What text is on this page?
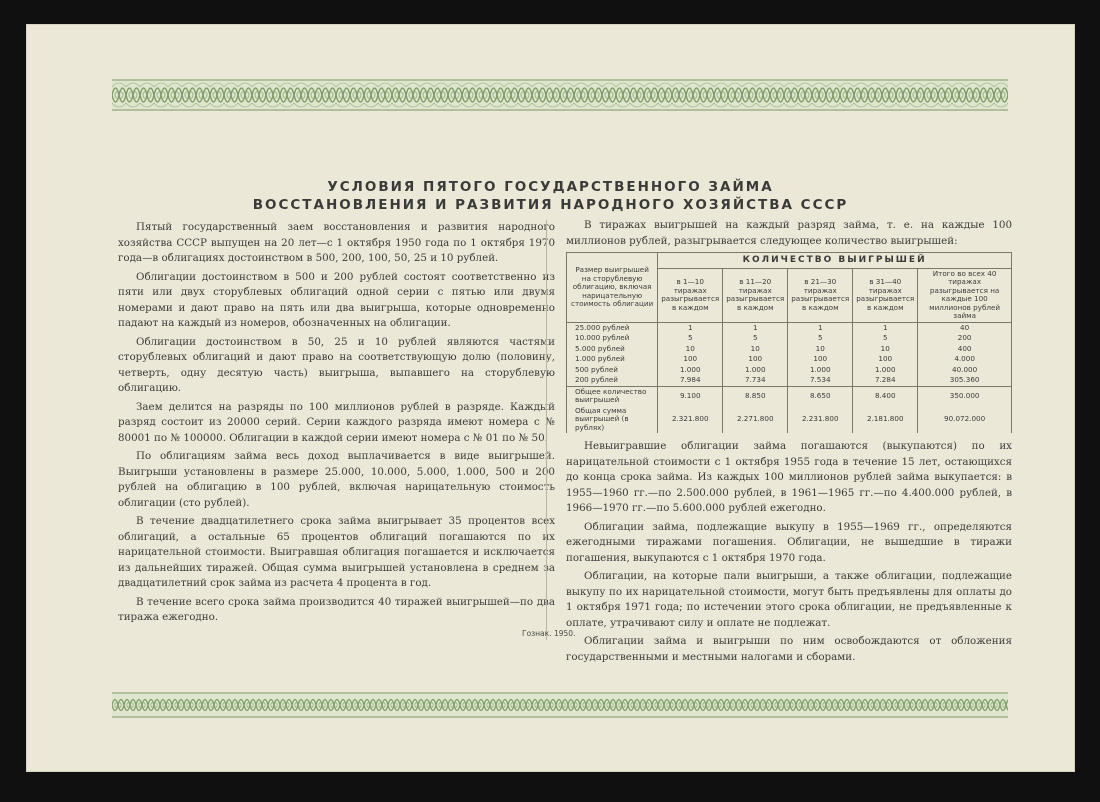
УСЛОВИЯ ПЯТОГО ГОСУДАРСТВЕННОГО ЗАЙМА
ВОССТАНОВЛЕНИЯ И РАЗВИТИЯ НАРОДНОГО ХОЗЯЙСТВА СССР

Пятый государственный заем восстановления и развития народного хозяйства СССР выпущен на 20 лет—с 1 октября 1950 года по 1 октября 1970 года—в облигациях достоинством в 500, 200, 100, 50, 25 и 10 рублей.

Облигации достоинством в 500 и 200 рублей состоят соответственно из пяти или двух сторублевых облигаций одной серии с пятью или двумя номерами и дают право на пять или два выигрыша, которые одновременно падают на каждый из номеров, обозначенных на облигации.

Облигации достоинством в 50, 25 и 10 рублей являются частями сторублевых облигаций и дают право на соответствующую долю (половину, четверть, одну десятую часть) выигрыша, выпавшего на сторублевую облигацию.

Заем делится на разряды по 100 миллионов рублей в разряде. Каждый разряд состоит из 20000 серий. Серии каждого разряда имеют номера с № 80001 по № 100000. Облигации в каждой серии имеют номера с № 01 по № 50.

По облигациям займа весь доход выплачивается в виде выигрышей. Выигрыши установлены в размере 25.000, 10.000, 5.000, 1.000, 500 и 200 рублей на облигацию в 100 рублей, включая нарицательную стоимость облигации (сто рублей).

В течение двадцатилетнего срока займа выигрывает 35 процентов всех облигаций, а остальные 65 процентов облигаций погашаются по их нарицательной стоимости. Выигравшая облигация погашается и исключается из дальнейших тиражей. Общая сумма выигрышей установлена в среднем за двадцатилетний срок займа из расчета 4 процента в год.

В течение всего срока займа производится 40 тиражей выигрышей—по два тиража ежегодно.

В тиражах выигрышей на каждый разряд займа, т. е. на каждые 100 миллионов рублей, разыгрывается следующее количество выигрышей:

Размер выигрышей на сторублевую облигацию, включая нарицательную стоимость облигации	КОЛИЧЕСТВО ВЫИГРЫШЕЙ				
	в 1—10 тиражах разыгрывается в каждом	в 11—20 тиражах разыгрывается в каждом	в 21—30 тиражах разыгрывается в каждом	в 31—40 тиражах разыгрывается в каждом	Итого во всех 40 тиражах разыгрывается на каждые 100 миллионов рублей займа
25.000 рублей	1	1	1	1	40
10.000 рублей	5	5	5	5	200
5.000 рублей	10	10	10	10	400
1.000 рублей	100	100	100	100	4.000
500 рублей	1.000	1.000	1.000	1.000	40.000
200 рублей	7.984	7.734	7.534	7.284	305.360
Общее количество выигрышей	9.100	8.850	8.650	8.400	350.000
Общая сумма выигрышей (в рублях)	2.321.800	2.271.800	2.231.800	2.181.800	90.072.000

Невыигравшие облигации займа погашаются (выкупаются) по их нарицательной стоимости с 1 октября 1955 года в течение 15 лет, остающихся до конца срока займа. Из каждых 100 миллионов рублей займа выкупается: в 1955—1960 гг.—по 2.500.000 рублей, в 1961—1965 гг.—по 4.400.000 рублей, в 1966—1970 гг.—по 5.600.000 рублей ежегодно.

Облигации займа, подлежащие выкупу в 1955—1969 гг., определяются ежегодными тиражами погашения. Облигации, не вышедшие в тиражи погашения, выкупаются с 1 октября 1970 года.

Облигации, на которые пали выигрыши, а также облигации, подлежащие выкупу по их нарицательной стоимости, могут быть предъявлены для оплаты до 1 октября 1971 года; по истечении этого срока облигации, не предъявленные к оплате, утрачивают силу и оплате не подлежат.

Облигации займа и выигрыши по ним освобождаются от обложения государственными и местными налогами и сборами.

Гознак. 1950.
